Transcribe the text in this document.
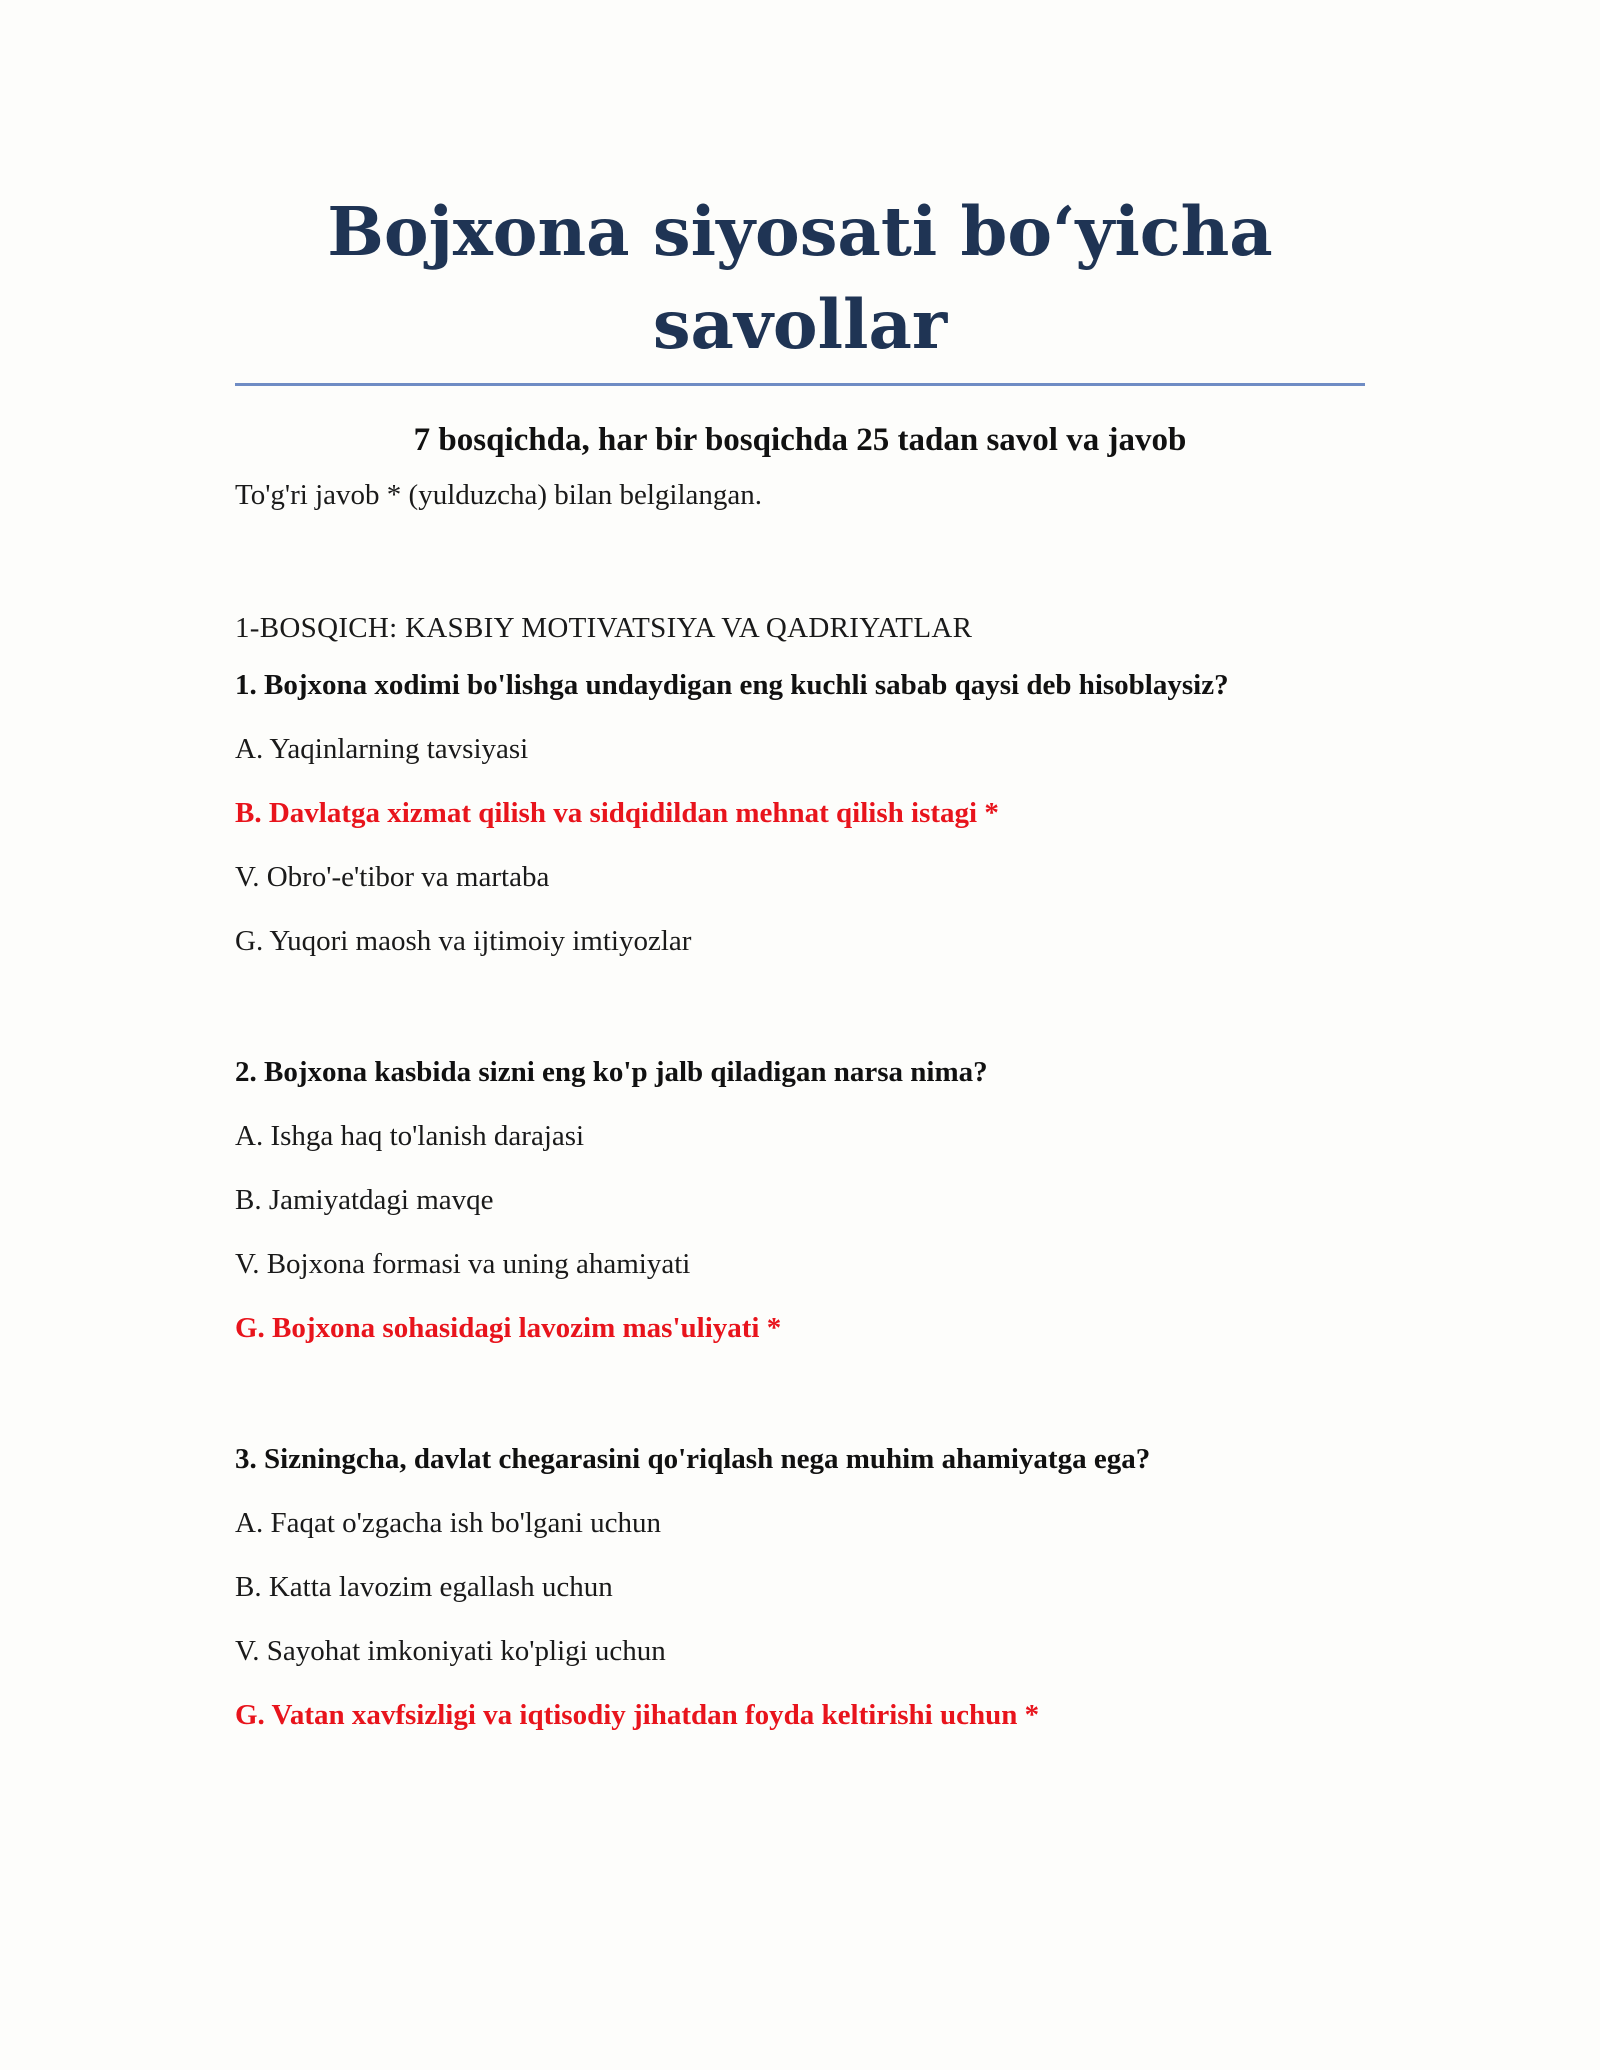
Bojxona siyosati bo‘yicha savollar

7 bosqichda, har bir bosqichda 25 tadan savol va javob

To'g'ri javob * (yulduzcha) bilan belgilangan.

1-BOSQICH: KASBIY MOTIVATSIYA VA QADRIYATLAR

1. Bojxona xodimi bo'lishga undaydigan eng kuchli sabab qaysi deb hisoblaysiz?

A. Yaqinlarning tavsiyasi

B. Davlatga xizmat qilish va sidqidildan mehnat qilish istagi *

V. Obro'-e'tibor va martaba

G. Yuqori maosh va ijtimoiy imtiyozlar

2. Bojxona kasbida sizni eng ko'p jalb qiladigan narsa nima?

A. Ishga haq to'lanish darajasi

B. Jamiyatdagi mavqe

V. Bojxona formasi va uning ahamiyati

G. Bojxona sohasidagi lavozim mas'uliyati *

3. Sizningcha, davlat chegarasini qo'riqlash nega muhim ahamiyatga ega?

A. Faqat o'zgacha ish bo'lgani uchun

B. Katta lavozim egallash uchun

V. Sayohat imkoniyati ko'pligi uchun

G. Vatan xavfsizligi va iqtisodiy jihatdan foyda keltirishi uchun *
